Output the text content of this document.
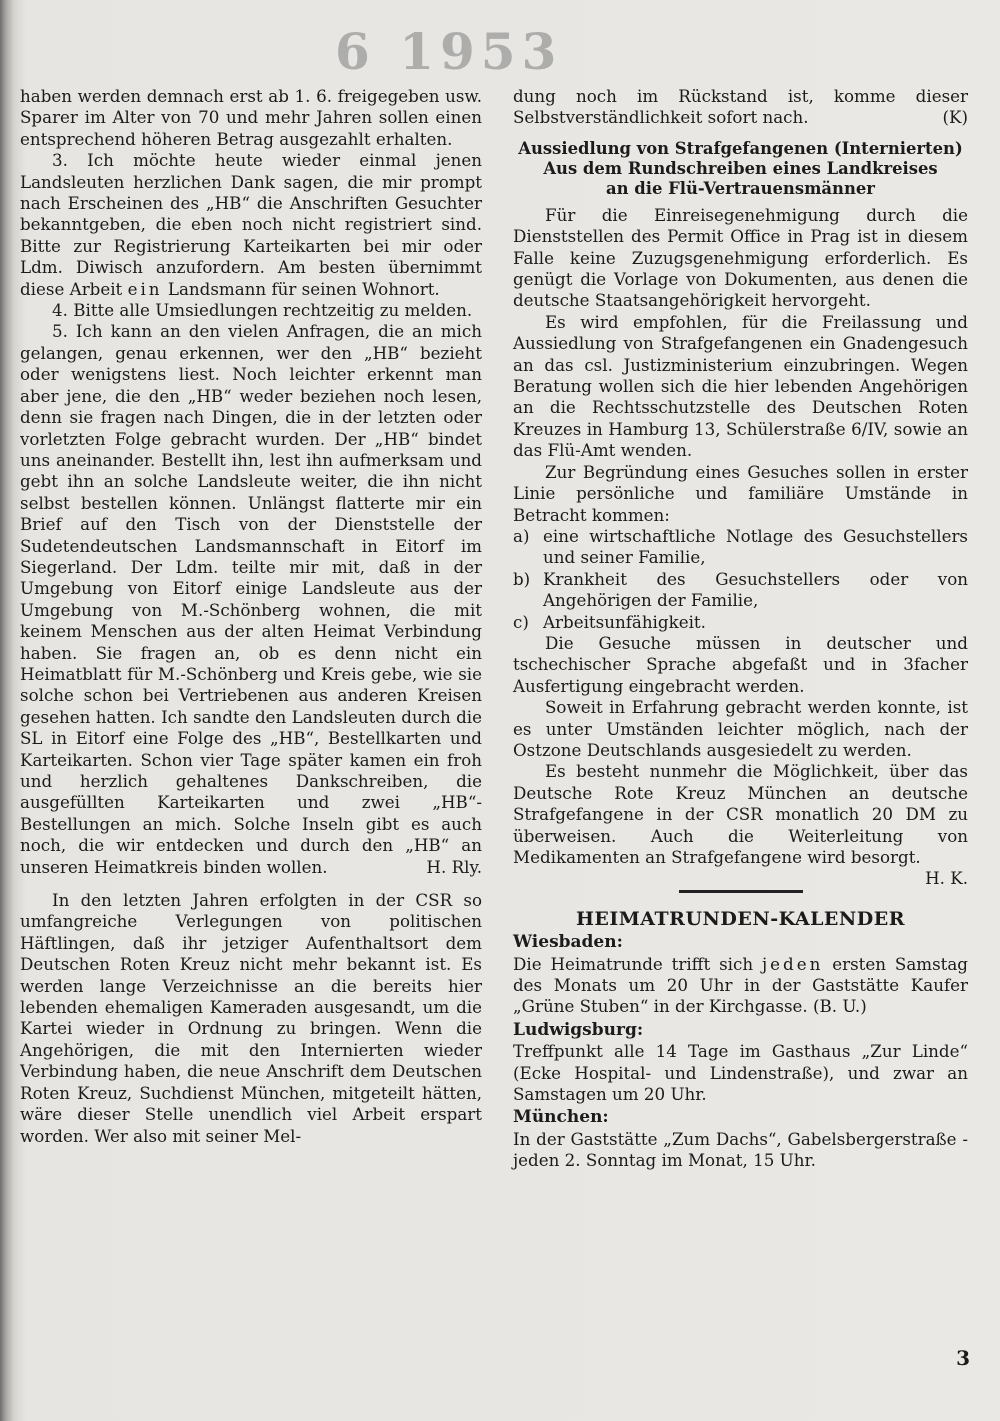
6 1953

haben werden demnach erst ab 1. 6. freigegeben usw. Sparer im Alter von 70 und mehr Jahren sollen einen entsprechend höheren Betrag ausgezahlt erhalten.

3. Ich möchte heute wieder einmal jenen Landsleuten herzlichen Dank sagen, die mir prompt nach Erscheinen des „HB“ die Anschriften Gesuchter bekanntgeben, die eben noch nicht registriert sind. Bitte zur Registrierung Karteikarten bei mir oder Ldm. Diwisch anzufordern. Am besten übernimmt diese Arbeit ein Landsmann für seinen Wohnort.

4. Bitte alle Umsiedlungen rechtzeitig zu melden.

5. Ich kann an den vielen Anfragen, die an mich gelangen, genau erkennen, wer den „HB“ bezieht oder wenigstens liest. Noch leichter erkennt man aber jene, die den „HB“ weder beziehen noch lesen, denn sie fragen nach Dingen, die in der letzten oder vorletzten Folge gebracht wurden. Der „HB“ bindet uns aneinander. Bestellt ihn, lest ihn aufmerksam und gebt ihn an solche Landsleute weiter, die ihn nicht selbst bestellen können. Unlängst flatterte mir ein Brief auf den Tisch von der Dienststelle der Sudetendeutschen Landsmannschaft in Eitorf im Siegerland. Der Ldm. teilte mir mit, daß in der Umgebung von Eitorf einige Landsleute aus der Umgebung von M.-Schönberg wohnen, die mit keinem Menschen aus der alten Heimat Verbindung haben. Sie fragen an, ob es denn nicht ein Heimatblatt für M.-Schönberg und Kreis gebe, wie sie solche schon bei Vertriebenen aus anderen Kreisen gesehen hatten. Ich sandte den Landsleuten durch die SL in Eitorf eine Folge des „HB“, Bestellkarten und Karteikarten. Schon vier Tage später kamen ein froh und herzlich gehaltenes Dankschreiben, die ausgefüllten Karteikarten und zwei „HB“-Bestellungen an mich. Solche Inseln gibt es auch noch, die wir entdecken und durch den „HB“ an unseren Heimatkreis binden wollen.	H. Rly.

In den letzten Jahren erfolgten in der CSR so umfangreiche Verlegungen von politischen Häftlingen, daß ihr jetziger Aufenthaltsort dem Deutschen Roten Kreuz nicht mehr bekannt ist. Es werden lange Verzeichnisse an die bereits hier lebenden ehemaligen Kameraden ausgesandt, um die Kartei wieder in Ordnung zu bringen. Wenn die Angehörigen, die mit den Internierten wieder Verbindung haben, die neue Anschrift dem Deutschen Roten Kreuz, Suchdienst München, mitgeteilt hätten, wäre dieser Stelle unendlich viel Arbeit erspart worden. Wer also mit seiner Mel-

dung noch im Rückstand ist, komme dieser Selbstverständlichkeit sofort nach.	(K)

Aussiedlung von Strafgefangenen (Internierten)
Aus dem Rundschreiben eines Landkreises
an die Flü-Vertrauensmänner

Für die Einreisegenehmigung durch die Dienststellen des Permit Office in Prag ist in diesem Falle keine Zuzugsgenehmigung erforderlich. Es genügt die Vorlage von Dokumenten, aus denen die deutsche Staatsangehörigkeit hervorgeht.

Es wird empfohlen, für die Freilassung und Aussiedlung von Strafgefangenen ein Gnadengesuch an das csl. Justizministerium einzubringen. Wegen Beratung wollen sich die hier lebenden Angehörigen an die Rechtsschutzstelle des Deutschen Roten Kreuzes in Hamburg 13, Schülerstraße 6/IV, sowie an das Flü-Amt wenden.

Zur Begründung eines Gesuches sollen in erster Linie persönliche und familiäre Umstände in Betracht kommen:

a) eine wirtschaftliche Notlage des Gesuchstellers und seiner Familie,
b) Krankheit des Gesuchstellers oder von Angehörigen der Familie,
c) Arbeitsunfähigkeit.

Die Gesuche müssen in deutscher und tschechischer Sprache abgefaßt und in 3facher Ausfertigung eingebracht werden.

Soweit in Erfahrung gebracht werden konnte, ist es unter Umständen leichter möglich, nach der Ostzone Deutschlands ausgesiedelt zu werden.

Es besteht nunmehr die Möglichkeit, über das Deutsche Rote Kreuz München an deutsche Strafgefangene in der CSR monatlich 20 DM zu überweisen. Auch die Weiterleitung von Medikamenten an Strafgefangene wird besorgt.
H. K.

HEIMATRUNDEN-KALENDER
Wiesbaden:

Die Heimatrunde trifft sich jeden ersten Samstag des Monats um 20 Uhr in der Gaststätte Kaufer „Grüne Stuben“ in der Kirchgasse. (B. U.)

Ludwigsburg:

Treffpunkt alle 14 Tage im Gasthaus „Zur Linde“ (Ecke Hospital- und Lindenstraße), und zwar an Samstagen um 20 Uhr.

München:

In der Gaststätte „Zum Dachs“, Gabelsbergerstraße - jeden 2. Sonntag im Monat, 15 Uhr.

3
